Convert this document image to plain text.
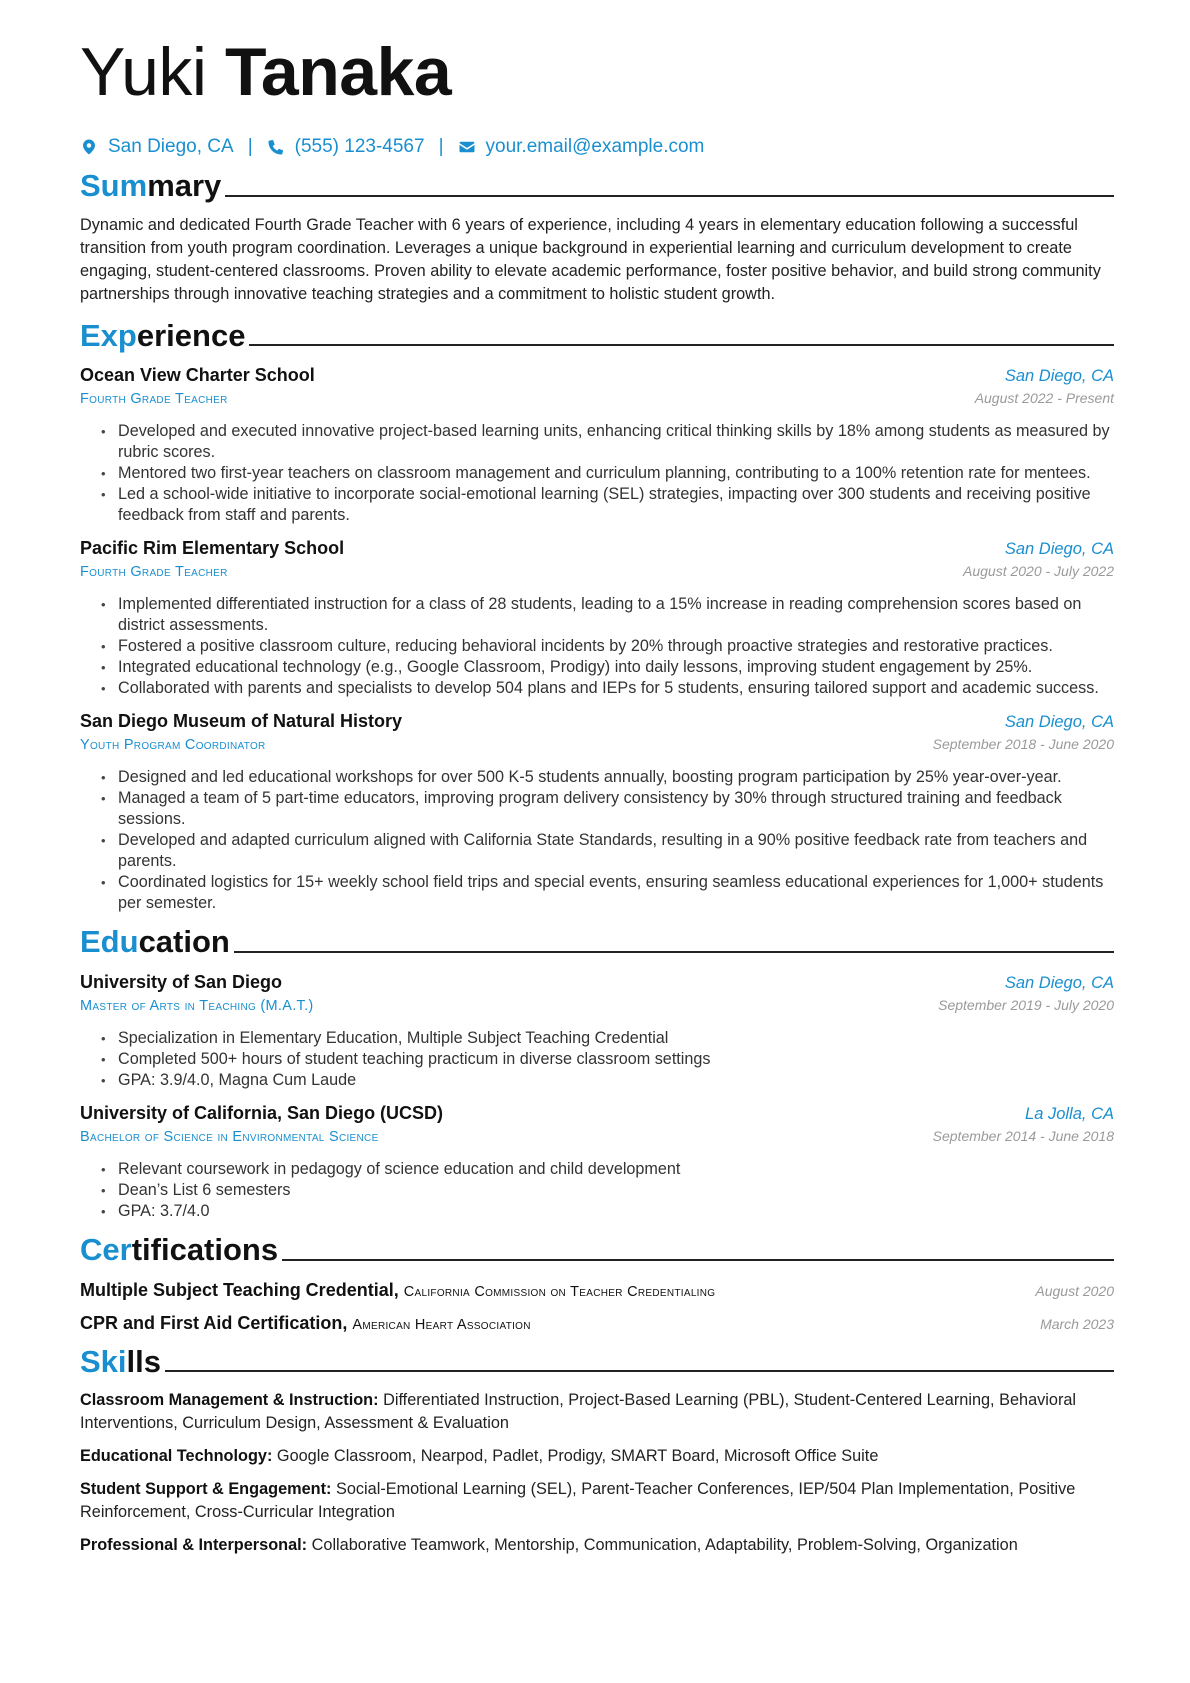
Yuki Tanaka
San Diego, CA | (555) 123-4567 | your.email@example.com
Summary
Dynamic and dedicated Fourth Grade Teacher with 6 years of experience, including 4 years in elementary education following a successful transition from youth program coordination. Leverages a unique background in experiential learning and curriculum development to create engaging, student-centered classrooms. Proven ability to elevate academic performance, foster positive behavior, and build strong community partnerships through innovative teaching strategies and a commitment to holistic student growth.
Experience
Ocean View Charter School	San Diego, CA
Fourth Grade Teacher	August 2022 - Present
• Developed and executed innovative project-based learning units, enhancing critical thinking skills by 18% among students as measured by rubric scores.
• Mentored two first-year teachers on classroom management and curriculum planning, contributing to a 100% retention rate for mentees.
• Led a school-wide initiative to incorporate social-emotional learning (SEL) strategies, impacting over 300 students and receiving positive feedback from staff and parents.
Pacific Rim Elementary School	San Diego, CA
Fourth Grade Teacher	August 2020 - July 2022
• Implemented differentiated instruction for a class of 28 students, leading to a 15% increase in reading comprehension scores based on district assessments.
• Fostered a positive classroom culture, reducing behavioral incidents by 20% through proactive strategies and restorative practices.
• Integrated educational technology (e.g., Google Classroom, Prodigy) into daily lessons, improving student engagement by 25%.
• Collaborated with parents and specialists to develop 504 plans and IEPs for 5 students, ensuring tailored support and academic success.
San Diego Museum of Natural History	San Diego, CA
Youth Program Coordinator	September 2018 - June 2020
• Designed and led educational workshops for over 500 K-5 students annually, boosting program participation by 25% year-over-year.
• Managed a team of 5 part-time educators, improving program delivery consistency by 30% through structured training and feedback sessions.
• Developed and adapted curriculum aligned with California State Standards, resulting in a 90% positive feedback rate from teachers and parents.
• Coordinated logistics for 15+ weekly school field trips and special events, ensuring seamless educational experiences for 1,000+ students per semester.
Education
University of San Diego	San Diego, CA
Master of Arts in Teaching (M.A.T.)	September 2019 - July 2020
• Specialization in Elementary Education, Multiple Subject Teaching Credential
• Completed 500+ hours of student teaching practicum in diverse classroom settings
• GPA: 3.9/4.0, Magna Cum Laude
University of California, San Diego (UCSD)	La Jolla, CA
Bachelor of Science in Environmental Science	September 2014 - June 2018
• Relevant coursework in pedagogy of science education and child development
• Dean’s List 6 semesters
• GPA: 3.7/4.0
Certifications
Multiple Subject Teaching Credential, California Commission on Teacher Credentialing	August 2020
CPR and First Aid Certification, American Heart Association	March 2023
Skills
Classroom Management & Instruction: Differentiated Instruction, Project-Based Learning (PBL), Student-Centered Learning, Behavioral Interventions, Curriculum Design, Assessment & Evaluation
Educational Technology: Google Classroom, Nearpod, Padlet, Prodigy, SMART Board, Microsoft Office Suite
Student Support & Engagement: Social-Emotional Learning (SEL), Parent-Teacher Conferences, IEP/504 Plan Implementation, Positive Reinforcement, Cross-Curricular Integration
Professional & Interpersonal: Collaborative Teamwork, Mentorship, Communication, Adaptability, Problem-Solving, Organization
